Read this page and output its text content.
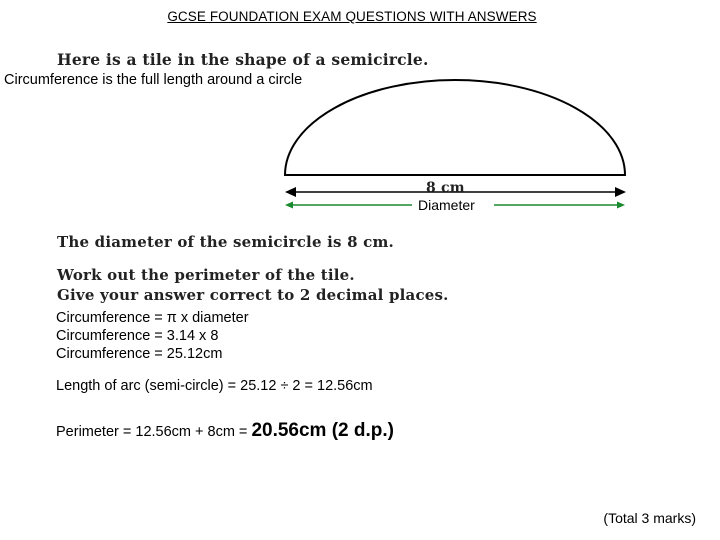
GCSE FOUNDATION EXAM QUESTIONS WITH ANSWERS
Here is a tile in the shape of a semicircle.
Circumference is the full length around a circle
8 cm
Diameter
The diameter of the semicircle is 8 cm.
Work out the perimeter of the tile.
Give your answer correct to 2 decimal places.
Circumference = π x diameter
Circumference = 3.14 x 8
Circumference = 25.12cm
Length of arc (semi-circle) = 25.12 ÷ 2 = 12.56cm
Perimeter = 12.56cm + 8cm = 20.56cm (2 d.p.)
(Total 3 marks)
